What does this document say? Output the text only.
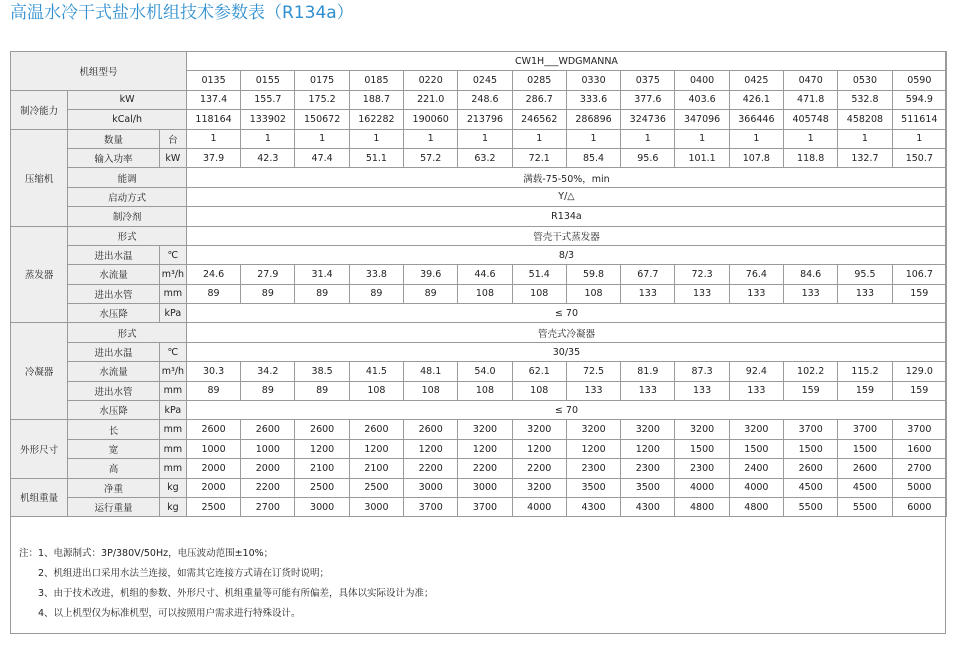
高温水冷干式盐水机组技术参数表（R134a）
机组型号			CW1H___WDGMANNA													
			0135	0155	0175	0185	0220	0245	0285	0330	0375	0400	0425	0470	0530	0590
制冷能力	kW		137.4	155.7	175.2	188.7	221.0	248.6	286.7	333.6	377.6	403.6	426.1	471.8	532.8	594.9
	kCal/h		118164	133902	150672	162282	190060	213796	246562	286896	324736	347096	366446	405748	458208	511614
压缩机	数量	台	1	1	1	1	1	1	1	1	1	1	1	1	1	1
	输入功率	kW	37.9	42.3	47.4	51.1	57.2	63.2	72.1	85.4	95.6	101.1	107.8	118.8	132.7	150.7
	能调		满载-75-50%，min													
	启动方式		Y/△													
	制冷剂		R134a													
蒸发器	形式		管壳干式蒸发器													
	进出水温	℃	8/3													
	水流量	m³/h	24.6	27.9	31.4	33.8	39.6	44.6	51.4	59.8	67.7	72.3	76.4	84.6	95.5	106.7
	进出水管	mm	89	89	89	89	89	108	108	108	133	133	133	133	133	159
	水压降	kPa	≤ 70													
冷凝器	形式		管壳式冷凝器													
	进出水温	℃	30/35													
	水流量	m³/h	30.3	34.2	38.5	41.5	48.1	54.0	62.1	72.5	81.9	87.3	92.4	102.2	115.2	129.0
	进出水管	mm	89	89	89	108	108	108	108	133	133	133	133	159	159	159
	水压降	kPa	≤ 70													
外形尺寸	长	mm	2600	2600	2600	2600	2600	3200	3200	3200	3200	3200	3200	3700	3700	3700
	宽	mm	1000	1000	1200	1200	1200	1200	1200	1200	1200	1500	1500	1500	1500	1600
	高	mm	2000	2000	2100	2100	2200	2200	2200	2300	2300	2300	2400	2600	2600	2700
机组重量	净重	kg	2000	2200	2500	2500	3000	3000	3200	3500	3500	4000	4000	4500	4500	5000
	运行重量	kg	2500	2700	3000	3000	3700	3700	4000	4300	4300	4800	4800	5500	5500	6000
注：1、电源制式：3P/380V/50Hz，电压波动范围±10%；
2、机组进出口采用水法兰连接，如需其它连接方式请在订货时说明；
3、由于技术改进，机组的参数、外形尺寸、机组重量等可能有所偏差，具体以实际设计为准；
4、以上机型仅为标准机型，可以按照用户需求进行特殊设计。
